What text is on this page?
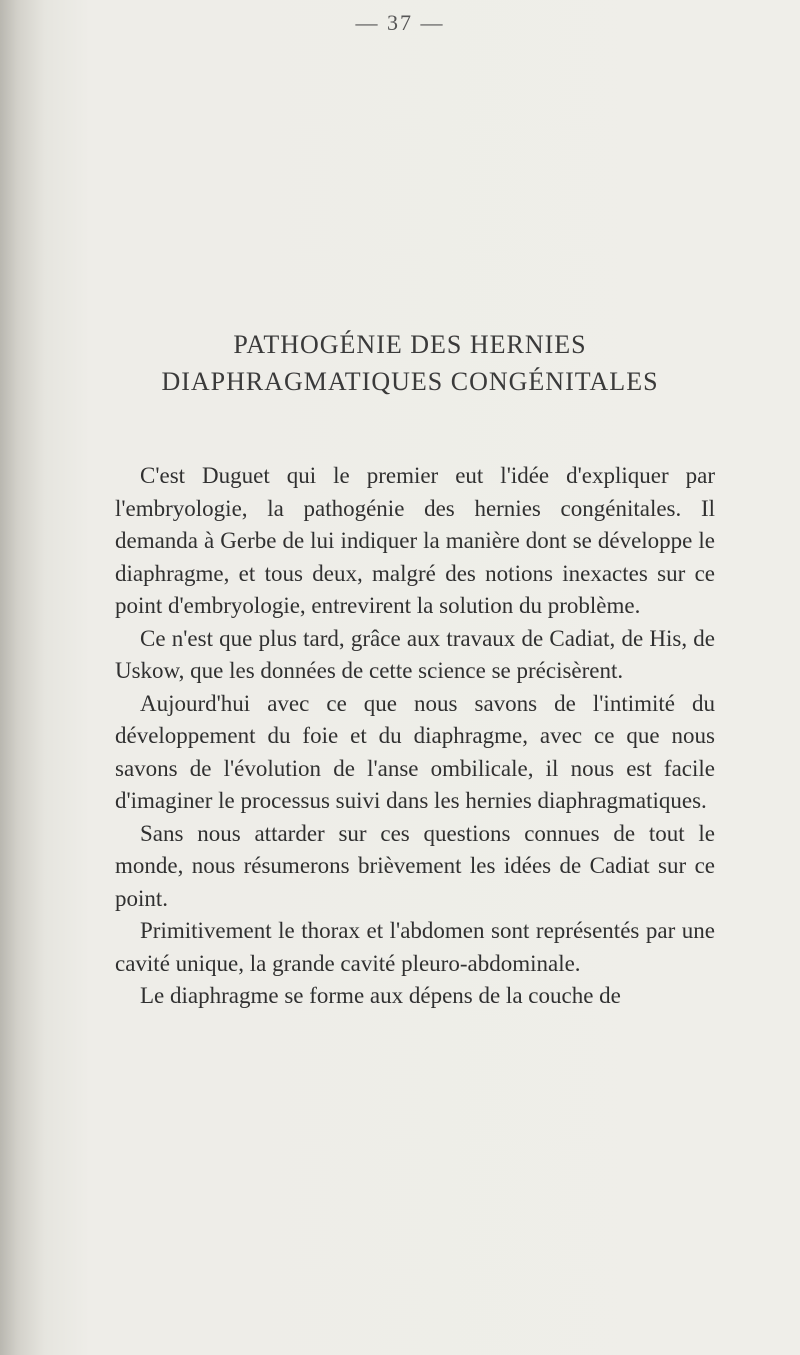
— 37 —
PATHOGÉNIE DES HERNIES
DIAPHRAGMATIQUES CONGÉNITALES

C'est Duguet qui le premier eut l'idée d'expliquer par l'embryologie, la pathogénie des hernies congénitales. Il demanda à Gerbe de lui indiquer la manière dont se développe le diaphragme, et tous deux, malgré des notions inexactes sur ce point d'embryologie, entrevirent la solution du problème.

Ce n'est que plus tard, grâce aux travaux de Cadiat, de His, de Uskow, que les données de cette science se précisèrent.

Aujourd'hui avec ce que nous savons de l'intimité du développement du foie et du diaphragme, avec ce que nous savons de l'évolution de l'anse ombilicale, il nous est facile d'imaginer le processus suivi dans les hernies diaphragmatiques.

Sans nous attarder sur ces questions connues de tout le monde, nous résumerons brièvement les idées de Cadiat sur ce point.

Primitivement le thorax et l'abdomen sont représentés par une cavité unique, la grande cavité pleuro-abdominale.

Le diaphragme se forme aux dépens de la couche de
